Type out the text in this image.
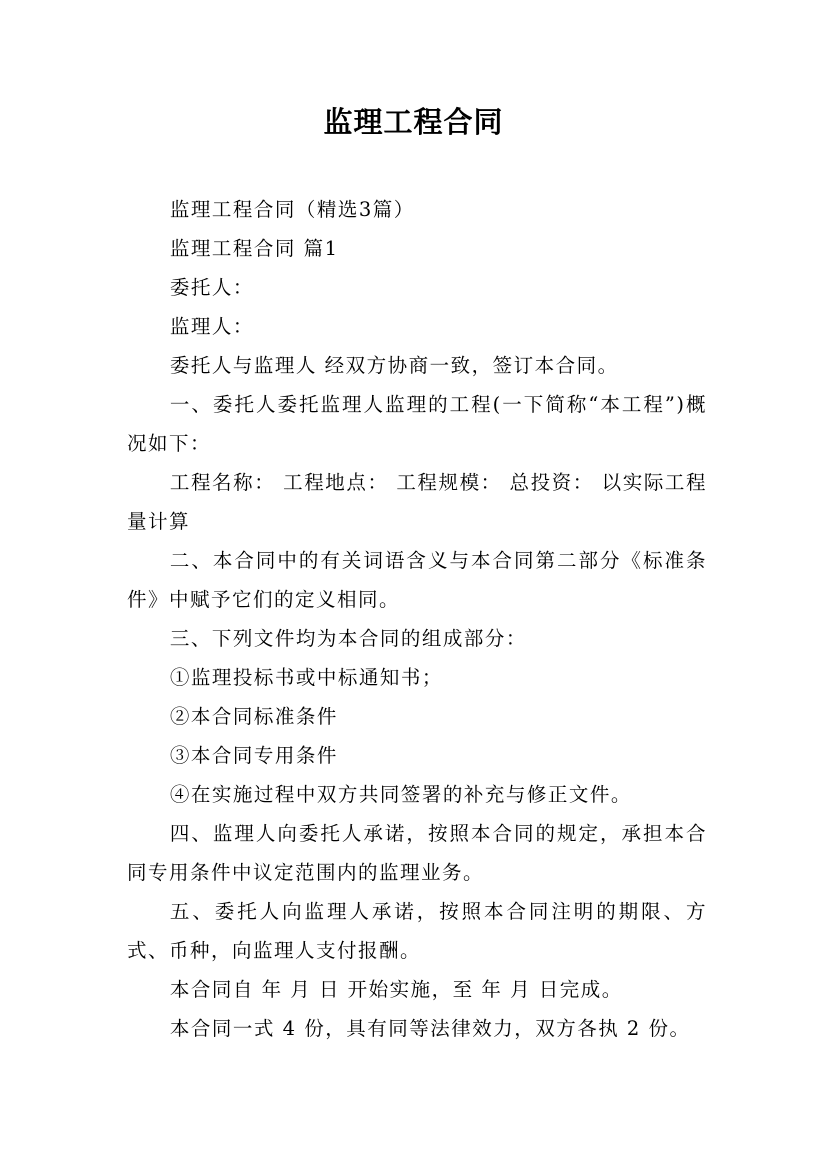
监理工程合同

监理工程合同（精选3篇）

监理工程合同 篇1

委托人：

监理人：

委托人与监理人 经双方协商一致，签订本合同。

一、委托人委托监理人监理的工程(一下简称“本工程”)概况如下：

工程名称： 工程地点： 工程规模： 总投资： 以实际工程量计算

二、本合同中的有关词语含义与本合同第二部分《标准条件》中赋予它们的定义相同。

三、下列文件均为本合同的组成部分：

①监理投标书或中标通知书；

②本合同标准条件

③本合同专用条件

④在实施过程中双方共同签署的补充与修正文件。

四、监理人向委托人承诺，按照本合同的规定，承担本合同专用条件中议定范围内的监理业务。

五、委托人向监理人承诺，按照本合同注明的期限、方式、币种，向监理人支付报酬。

本合同自 年 月 日 开始实施，至 年 月 日完成。

本合同一式 4 份，具有同等法律效力，双方各执 2 份。
